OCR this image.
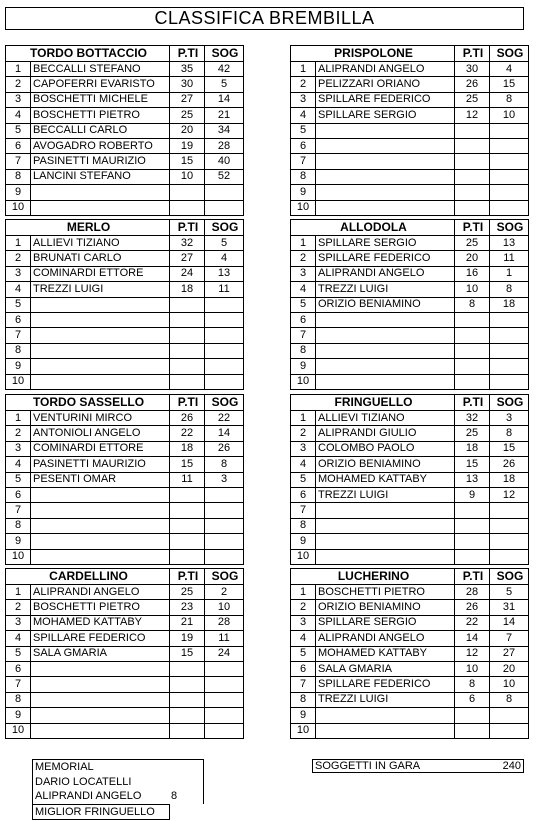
CLASSIFICA BREMBILLA
TORDO BOTTACCIO		P.TI	SOG
1	BECCALLI STEFANO	35	42
2	CAPOFERRI EVARISTO	30	5
3	BOSCHETTI MICHELE	27	14
4	BOSCHETTI PIETRO	25	21
5	BECCALLI CARLO	20	34
6	AVOGADRO ROBERTO	19	28
7	PASINETTI MAURIZIO	15	40
8	LANCINI STEFANO	10	52
9			
10			
PRISPOLONE		P.TI	SOG
1	ALIPRANDI ANGELO	30	4
2	PELIZZARI ORIANO	26	15
3	SPILLARE FEDERICO	25	8
4	SPILLARE SERGIO	12	10
5			
6			
7			
8			
9			
10			
MERLO		P.TI	SOG
1	ALLIEVI TIZIANO	32	5
2	BRUNATI CARLO	27	4
3	COMINARDI ETTORE	24	13
4	TREZZI LUIGI	18	11
5			
6			
7			
8			
9			
10			
ALLODOLA		P.TI	SOG
1	SPILLARE SERGIO	25	13
2	SPILLARE FEDERICO	20	11
3	ALIPRANDI ANGELO	16	1
4	TREZZI LUIGI	10	8
5	ORIZIO BENIAMINO	8	18
6			
7			
8			
9			
10			
TORDO SASSELLO		P.TI	SOG
1	VENTURINI MIRCO	26	22
2	ANTONIOLI ANGELO	22	14
3	COMINARDI ETTORE	18	26
4	PASINETTI MAURIZIO	15	8
5	PESENTI OMAR	11	3
6			
7			
8			
9			
10			
FRINGUELLO		P.TI	SOG
1	ALLIEVI TIZIANO	32	3
2	ALIPRANDI GIULIO	25	8
3	COLOMBO PAOLO	18	15
4	ORIZIO BENIAMINO	15	26
5	MOHAMED KATTABY	13	18
6	TREZZI LUIGI	9	12
7			
8			
9			
10			
CARDELLINO		P.TI	SOG
1	ALIPRANDI ANGELO	25	2
2	BOSCHETTI PIETRO	23	10
3	MOHAMED KATTABY	21	28
4	SPILLARE FEDERICO	19	11
5	SALA GMARIA	15	24
6			
7			
8			
9			
10			
LUCHERINO		P.TI	SOG
1	BOSCHETTI PIETRO	28	5
2	ORIZIO BENIAMINO	26	31
3	SPILLARE SERGIO	22	14
4	ALIPRANDI ANGELO	14	7
5	MOHAMED KATTABY	12	27
6	SALA GMARIA	10	20
7	SPILLARE FEDERICO	8	10
8	TREZZI LUIGI	6	8
9			
10			
MEMORIAL
DARIO LOCATELLI
ALIPRANDI ANGELO	8
MIGLIOR FRINGUELLO
SOGGETTI IN GARA	240
